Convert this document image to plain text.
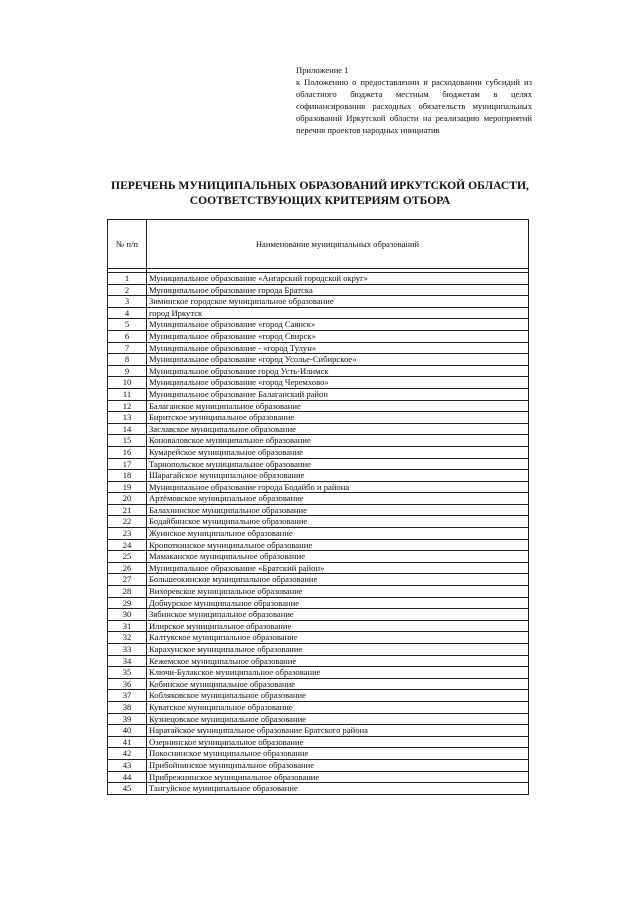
Приложение 1
к Положению о предоставлении и расходовании субсидий из областного бюджета местным бюджетам в целях софинансирования расходных обязательств муниципальных образований Иркутской области на реализацию мероприятий перечня проектов народных инициатив
ПЕРЕЧЕНЬ МУНИЦИПАЛЬНЫХ ОБРАЗОВАНИЙ ИРКУТСКОЙ ОБЛАСТИ,
СООТВЕТСТВУЮЩИХ КРИТЕРИЯМ ОТБОРА
№ п/п	Наименование муниципальных образований

1	Муниципальное образование «Ангарский городской округ»
2	Муниципальное образование города Братска
3	Зиминское городское муниципальное образование
4	город Иркутск
5	Муниципальное образование «город Саянск»
6	Муниципальное образование «город Свирск»
7	Муниципальное образование - «город Тулун»
8	Муниципальное образование «город Усолье-Сибирское»
9	Муниципальное образование город Усть-Илимск
10	Муниципальное образование «город Черемхово»
11	Муниципальное образование Балаганский район
12	Балаганское муниципальное образование
13	Биритское муниципальное образование
14	Заславское муниципальное образование
15	Коноваловское муниципальное образование
16	Кумарейское муниципальное образование
17	Тарнопольское муниципальное образование
18	Шарагайское муниципальное образование
19	Муниципальное образование города Бодайбо и района
20	Артёмовское муниципальное образование
21	Балахнинское муниципальное образование
22	Бодайбинское муниципальное образование
23	Жуинское муниципальное образование
24	Кропоткинское муниципальное образование
25	Мамаканское муниципальное образование
26	Муниципальное образование «Братский район»
27	Большеокинское муниципальное образование
28	Вихоревское муниципальное образование
29	Добчурское муниципальное образование
30	Зябинское муниципальное образование
31	Илирское муниципальное образование
32	Калтукское муниципальное образование
33	Карахунское муниципальное образование
34	Кежемское муниципальное образование
35	Ключи-Булакское муниципальное образование
36	Кобинское муниципальное образование
37	Кобляковское муниципальное образование
38	Куватское муниципальное образование
39	Кузнецовское муниципальное образование
40	Наратайское муниципальное образование Братского района
41	Озернинское муниципальное образование
42	Покоснинское муниципальное образование
43	Прибойнинское муниципальное образование
44	Прибрежнинское муниципальное образование
45	Тангуйское муниципальное образование
